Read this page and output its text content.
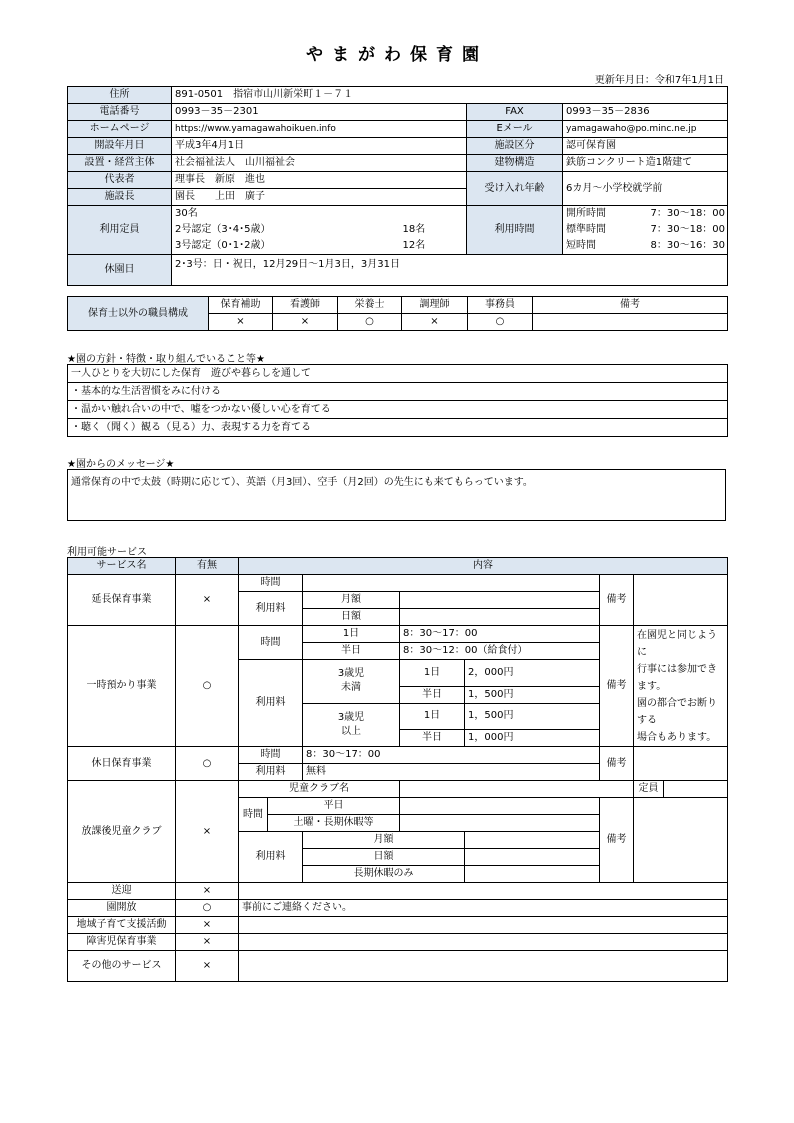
やまがわ保育園
更新年月日：令和7年1月1日
住所	891-0501　指宿市山川新栄町１－７１				
電話番号	0993－35－2301		FAX	0993－35－2836	
ホームページ	https://www.yamagawahoikuen.info		Eメール	yamagawaho@po.minc.ne.jp	
開設年月日	平成3年4月1日		施設区分	認可保育園	
設置・経営主体	社会福祉法人　山川福祉会		建物構造	鉄筋コンクリート造1階建て	
代表者	理事長　新原　進也		受け入れ年齢	6カ月～小学校就学前	
施設長	園長　　上田　廣子				
利用定員	30名		利用時間	開所時間	7：30～18：00
	2号認定（3･4･5歳）	18名		標準時間	7：30～18：00
	3号認定（0･1･2歳）	12名		短時間	8：30～16：30
休園日	2･3号：日・祝日，12月29日～1月3日，3月31日				
保育士以外の職員構成	保育補助	看護師	栄養士	調理師	事務員	備考
	×	×	○	×	○	
★園の方針・特徴・取り組んでいること等★
一人ひとりを大切にした保育　遊びや暮らしを通して
・基本的な生活習慣をみに付ける
・温かい触れ合いの中で、嘘をつかない優しい心を育てる
・聴く（聞く）観る（見る）力、表現する力を育てる
★園からのメッセージ★
通常保育の中で太鼓（時期に応じて）、英語（月3回）、空手（月2回）の先生にも来てもらっています。
利用可能サービス
サービス名	有無	内容							
延長保育事業	×	時間					備考		
		利用料		月額					
				日額					
一時預かり事業	○	時間		1日	8：30～17：00		備考	在園児と同じように
行事には参加できます。
園の都合でお断りする
場合もあります。	
				半日	8：30～12：00（給食付）				
		利用料		3歳児
未満	1日	2，000円			
					半日	1，500円			
				3歳児
以上	1日	1，500円			
					半日	1，000円			
休日保育事業	○	時間		8：30～17：00			備考		
		利用料		無料					
放課後児童クラブ	×	児童クラブ名						定員	
		時間	平日				備考		
			土曜・長期休暇等						
		利用料		月額					
				日額					
				長期休暇のみ					
送迎	×								
園開放	○	事前にご連絡ください。							
地域子育て支援活動	×								
障害児保育事業	×								
その他のサービス	×								
